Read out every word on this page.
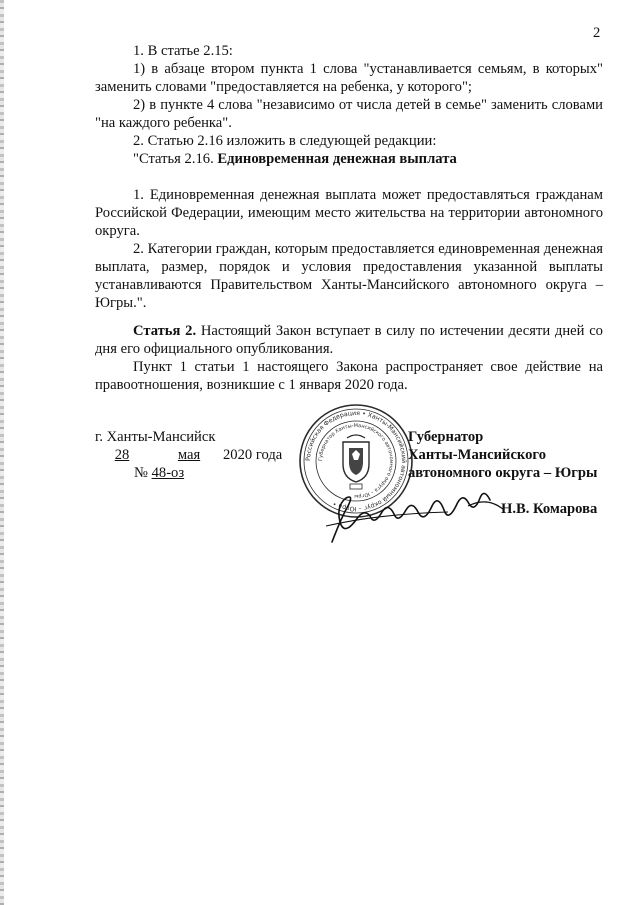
2

1. В статье 2.15:

1) в абзаце втором пункта 1 слова "устанавливается семьям, в которых" заменить словами "предоставляется на ребенка, у которого";

2) в пункте 4 слова "независимо от числа детей в семье" заменить словами "на каждого ребенка".

2. Статью 2.16 изложить в следующей редакции:

"Статья 2.16. Единовременная денежная выплата

1. Единовременная денежная выплата может предоставляться гражданам Российской Федерации, имеющим место жительства на территории автономного округа.

2. Категории граждан, которым предоставляется единовременная денежная выплата, размер, порядок и условия предоставления указанной выплаты устанавливаются Правительством Ханты-Мансийского автономного округа – Югры.".

Статья 2. Настоящий Закон вступает в силу по истечении десяти дней со дня его официального опубликования.

Пункт 1 статьи 1 настоящего Закона распространяет свое действие на правоотношения, возникшие с 1 января 2020 года.

г. Ханты-Мансийск
28	мая 2020 года
№ 48-оз
Российская Федерация • Ханты-Мансийский автономный округ – Югра •
Губернатор Ханты-Мансийского автономного округа – Югры
Губернатор
Ханты-Мансийского
автономного округа – Югры
Н.В. Комарова
